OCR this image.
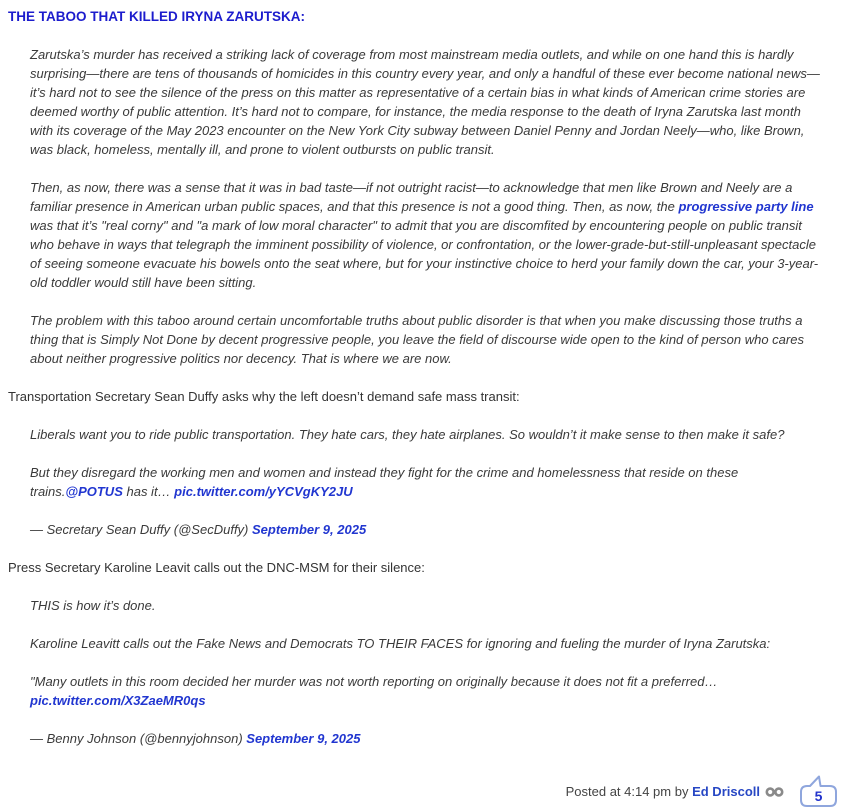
THE TABOO THAT KILLED IRYNA ZARUTSKA:
Zarutska’s murder has received a striking lack of coverage from most mainstream media outlets, and while on one hand this is hardly surprising—there are tens of thousands of homicides in this country every year, and only a handful of these ever become national news—it’s hard not to see the silence of the press on this matter as representative of a certain bias in what kinds of American crime stories are deemed worthy of public attention. It’s hard not to compare, for instance, the media response to the death of Iryna Zarutska last month with its coverage of the May 2023 encounter on the New York City subway between Daniel Penny and Jordan Neely—who, like Brown, was black, homeless, mentally ill, and prone to violent outbursts on public transit.
Then, as now, there was a sense that it was in bad taste—if not outright racist—to acknowledge that men like Brown and Neely are a familiar presence in American urban public spaces, and that this presence is not a good thing. Then, as now, the progressive party line was that it’s "real corny" and "a mark of low moral character" to admit that you are discomfited by encountering people on public transit who behave in ways that telegraph the imminent possibility of violence, or confrontation, or the lower-grade-but-still-unpleasant spectacle of seeing someone evacuate his bowels onto the seat where, but for your instinctive choice to herd your family down the car, your 3-year-old toddler would still have been sitting.
The problem with this taboo around certain uncomfortable truths about public disorder is that when you make discussing those truths a thing that is Simply Not Done by decent progressive people, you leave the field of discourse wide open to the kind of person who cares about neither progressive politics nor decency. That is where we are now.

Transportation Secretary Sean Duffy asks why the left doesn’t demand safe mass transit:

Liberals want you to ride public transportation. They hate cars, they hate airplanes. So wouldn’t it make sense to then make it safe?
But they disregard the working men and women and instead they fight for the crime and homelessness that reside on these trains.@POTUS has it… pic.twitter.com/yYCVgKY2JU
— Secretary Sean Duffy (@SecDuffy) September 9, 2025

Press Secretary Karoline Leavit calls out the DNC-MSM for their silence:

THIS is how it’s done.
Karoline Leavitt calls out the Fake News and Democrats TO THEIR FACES for ignoring and fueling the murder of Iryna Zarutska:
"Many outlets in this room decided her murder was not worth reporting on originally because it does not fit a preferred… pic.twitter.com/X3ZaeMR0qs
— Benny Johnson (@bennyjohnson) September 9, 2025
Posted at 4:14 pm by Ed Driscoll	5
